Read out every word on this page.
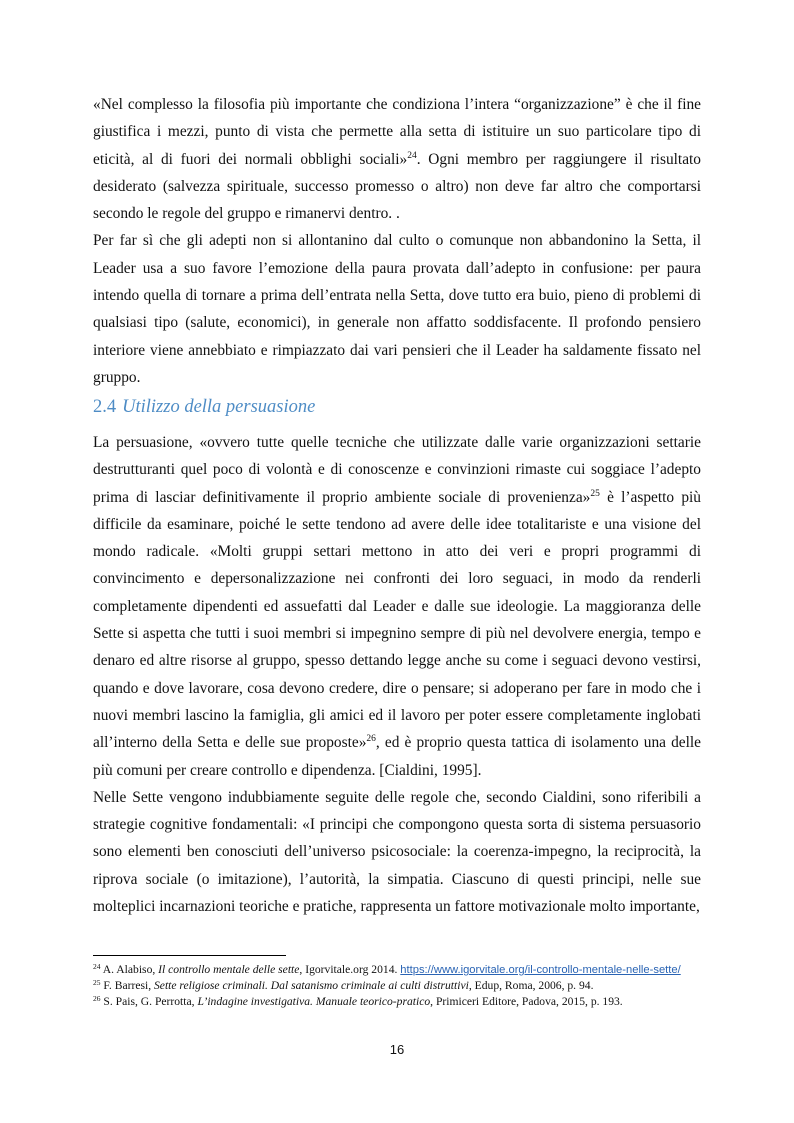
«Nel complesso la filosofia più importante che condiziona l’intera “organizzazione” è che il fine giustifica i mezzi, punto di vista che permette alla setta di istituire un suo particolare tipo di eticità, al di fuori dei normali obblighi sociali»$^{24}$. Ogni membro per raggiungere il risultato desiderato (salvezza spirituale, successo promesso o altro) non deve far altro che comportarsi secondo le regole del gruppo e rimanervi dentro. .

Per far sì che gli adepti non si allontanino dal culto o comunque non abbandonino la Setta, il Leader usa a suo favore l’emozione della paura provata dall’adepto in confusione: per paura intendo quella di tornare a prima dell’entrata nella Setta, dove tutto era buio, pieno di problemi di qualsiasi tipo (salute, economici), in generale non affatto soddisfacente. Il profondo pensiero interiore viene annebbiato e rimpiazzato dai vari pensieri che il Leader ha saldamente fissato nel gruppo.

2.4 Utilizzo della persuasione

La persuasione, «ovvero tutte quelle tecniche che utilizzate dalle varie organizzazioni settarie destrutturanti quel poco di volontà e di conoscenze e convinzioni rimaste cui soggiace l’adepto prima di lasciar definitivamente il proprio ambiente sociale di provenienza»$^{25}$ è l’aspetto più difficile da esaminare, poiché le sette tendono ad avere delle idee totalitariste e una visione del mondo radicale. «Molti gruppi settari mettono in atto dei veri e propri programmi di convincimento e depersonalizzazione nei confronti dei loro seguaci, in modo da renderli completamente dipendenti ed assuefatti dal Leader e dalle sue ideologie. La maggioranza delle Sette si aspetta che tutti i suoi membri si impegnino sempre di più nel devolvere energia, tempo e denaro ed altre risorse al gruppo, spesso dettando legge anche su come i seguaci devono vestirsi, quando e dove lavorare, cosa devono credere, dire o pensare; si adoperano per fare in modo che i nuovi membri lascino la famiglia, gli amici ed il lavoro per poter essere completamente inglobati all’interno della Setta e delle sue proposte»$^{26}$, ed è proprio questa tattica di isolamento una delle più comuni per creare controllo e dipendenza. [Cialdini, 1995].

Nelle Sette vengono indubbiamente seguite delle regole che, secondo Cialdini, sono riferibili a strategie cognitive fondamentali: «I principi che compongono questa sorta di sistema persuasorio sono elementi ben conosciuti dell’universo psicosociale: la coerenza-impegno, la reciprocità, la riprova sociale (o imitazione), l’autorità, la simpatia. Ciascuno di questi principi, nelle sue molteplici incarnazioni teoriche e pratiche, rappresenta un fattore motivazionale molto importante,

$^{24}$ A. Alabiso, Il controllo mentale delle sette, Igorvitale.org 2014. https://www.igorvitale.org/il-controllo-mentale-nelle-sette/

$^{25}$ F. Barresi, Sette religiose criminali. Dal satanismo criminale ai culti distruttivi, Edup, Roma, 2006, p. 94.

$^{26}$ S. Pais, G. Perrotta, L’indagine investigativa. Manuale teorico-pratico, Primiceri Editore, Padova, 2015, p. 193.

16
